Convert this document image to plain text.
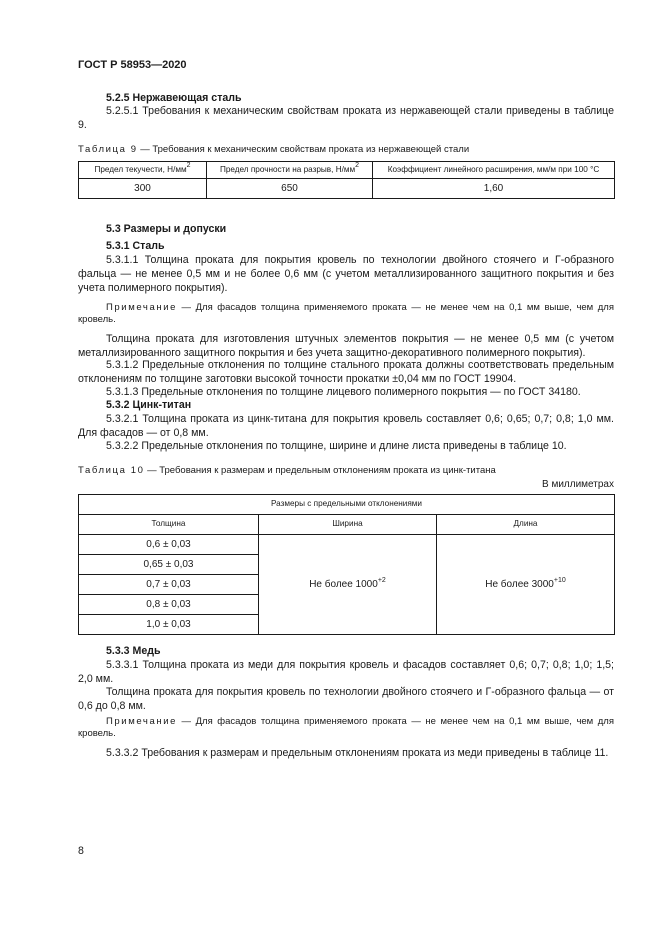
ГОСТ Р 58953—2020
5.2.5 Нержавеющая сталь
5.2.5.1 Требования к механическим свойствам проката из нержавеющей стали приведены в таблице 9.
Таблица 9 — Требования к механическим свойствам проката из нержавеющей стали
Предел текучести, $Н/мм^2$	Предел прочности на разрыв, $Н/мм^2$	Коэффициент линейного расширения, мм/м при 100 °С
300	650	1,60
5.3 Размеры и допуски
5.3.1 Сталь
5.3.1.1 Толщина проката для покрытия кровель по технологии двойного стоячего и Г-образного фальца — не менее 0,5 мм и не более 0,6 мм (с учетом металлизированного защитного покрытия и без учета полимерного покрытия).
Примечание — Для фасадов толщина применяемого проката — не менее чем на 0,1 мм выше, чем для кровель.
Толщина проката для изготовления штучных элементов покрытия — не менее 0,5 мм (с учетом металлизированного защитного покрытия и без учета защитно-декоративного полимерного покрытия).
5.3.1.2 Предельные отклонения по толщине стального проката должны соответствовать предельным отклонениям по толщине заготовки высокой точности прокатки ±0,04 мм по ГОСТ 19904.
5.3.1.3 Предельные отклонения по толщине лицевого полимерного покрытия — по ГОСТ 34180.
5.3.2 Цинк-титан
5.3.2.1 Толщина проката из цинк-титана для покрытия кровель составляет 0,6; 0,65; 0,7; 0,8; 1,0 мм. Для фасадов — от 0,8 мм.
5.3.2.2 Предельные отклонения по толщине, ширине и длине листа приведены в таблице 10.
Таблица 10 — Требования к размерам и предельным отклонениям проката из цинк-титана
В миллиметрах
Размеры с предельными отклонениями		
Толщина	Ширина	Длина
0,6 ± 0,03	Не более $1000^{+2}$	Не более $3000^{+10}$
0,65 ± 0,03		
0,7 ± 0,03		
0,8 ± 0,03		
1,0 ± 0,03		
5.3.3 Медь
5.3.3.1 Толщина проката из меди для покрытия кровель и фасадов составляет 0,6; 0,7; 0,8; 1,0; 1,5; 2,0 мм.
Толщина проката для покрытия кровель по технологии двойного стоячего и Г-образного фальца — от 0,6 до 0,8 мм.
Примечание — Для фасадов толщина применяемого проката — не менее чем на 0,1 мм выше, чем для кровель.
5.3.3.2 Требования к размерам и предельным отклонениям проката из меди приведены в таблице 11.
8
